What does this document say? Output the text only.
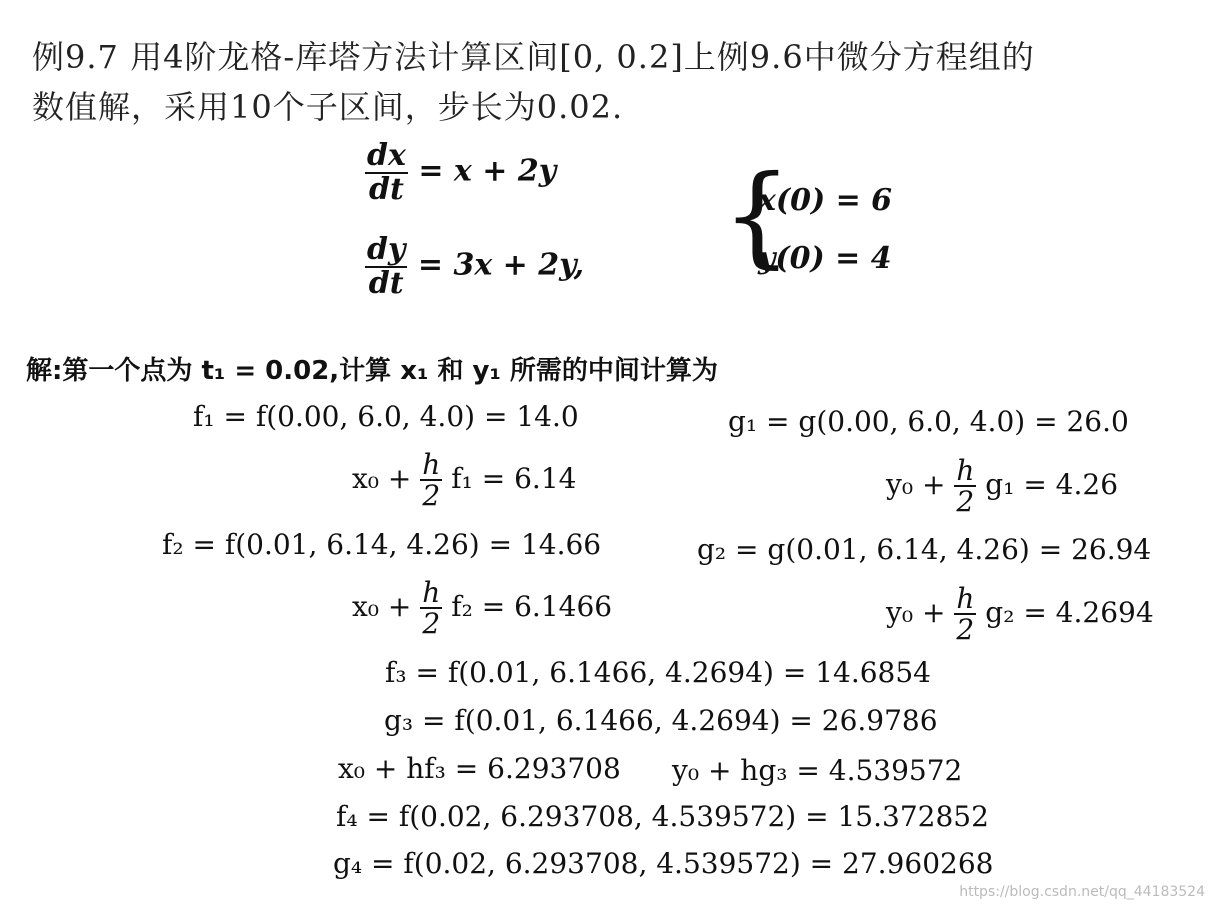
例9.7 用4阶龙格-库塔方法计算区间[0, 0.2]上例9.6中微分方程组的
数值解，采用10个子区间，步长为0.02.
$\frac{dx}{dt} = x + 2y$
$\frac{dy}{dt} = 3x + 2y$, {
x(0) = 6
y(0) = 4
解:第一个点为 t₁ = 0.02,计算 x₁ 和 y₁ 所需的中间计算为
f₁ = f(0.00, 6.0, 4.0) = 14.0	g₁ = g(0.00, 6.0, 4.0) = 26.0
$x_0 + \frac{h}{2} f_1 = 6.14$	$y_0 + \frac{h}{2} g_1 = 4.26$
f₂ = f(0.01, 6.14, 4.26) = 14.66	g₂ = g(0.01, 6.14, 4.26) = 26.94
$x_0 + \frac{h}{2} f_2 = 6.1466$	$y_0 + \frac{h}{2} g_2 = 4.2694$
f₃ = f(0.01, 6.1466, 4.2694) = 14.6854
g₃ = f(0.01, 6.1466, 4.2694) = 26.9786
x₀ + hf₃ = 6.293708 y₀ + hg₃ = 4.539572
f₄ = f(0.02, 6.293708, 4.539572) = 15.372852
g₄ = f(0.02, 6.293708, 4.539572) = 27.960268
https://blog.csdn.net/qq_44183524
